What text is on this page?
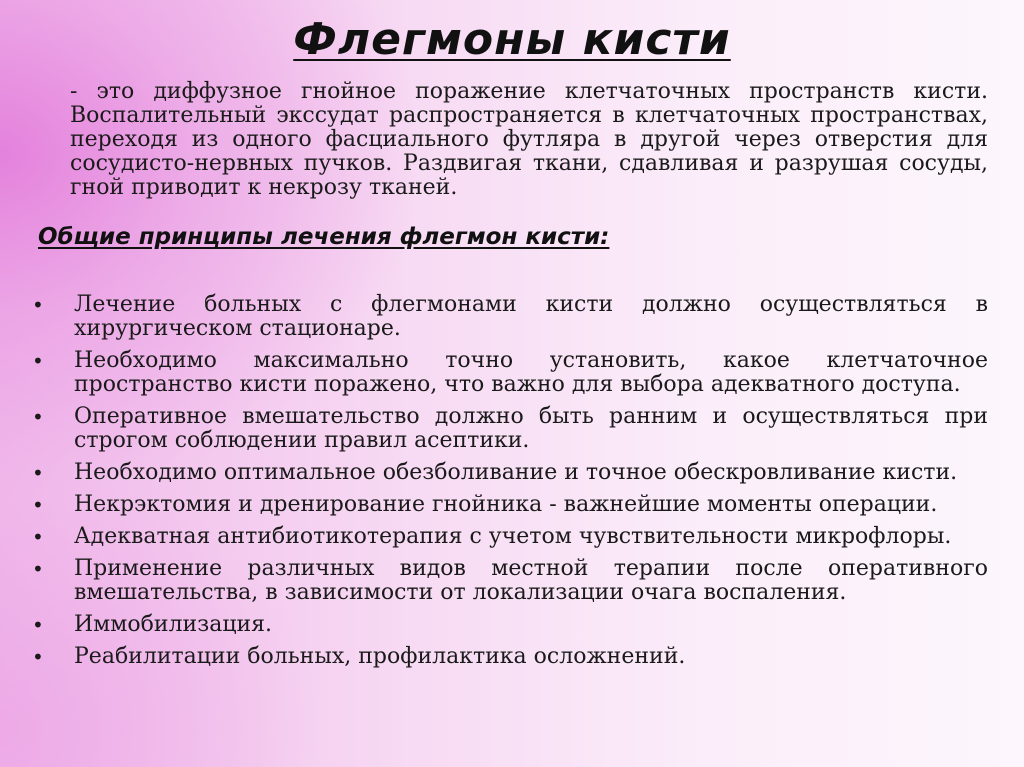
Флегмоны кисти
- это диффузное гнойное поражение клетчаточных пространств кисти. Воспалительный экссудат распространяется в клетчаточных пространствах, переходя из одного фасциального футляра в другой через отверстия для сосудисто-нервных пучков. Раздвигая ткани, сдавливая и разрушая сосуды, гной приводит к некрозу тканей.
Общие принципы лечения флегмон кисти:
• Лечение больных с флегмонами кисти должно осуществляться в хирургическом стационаре.
• Необходимо максимально точно установить, какое клетчаточное пространство кисти поражено, что важно для выбора адекватного доступа.
• Оперативное вмешательство должно быть ранним и осуществляться при строгом соблюдении правил асептики.
• Необходимо оптимальное обезболивание и точное обескровливание кисти.
• Некрэктомия и дренирование гнойника - важнейшие моменты операции.
• Адекватная антибиотикотерапия с учетом чувствительности микрофлоры.
• Применение различных видов местной терапии после оперативного вмешательства, в зависимости от локализации очага воспаления.
• Иммобилизация.
• Реабилитации больных, профилактика осложнений.
